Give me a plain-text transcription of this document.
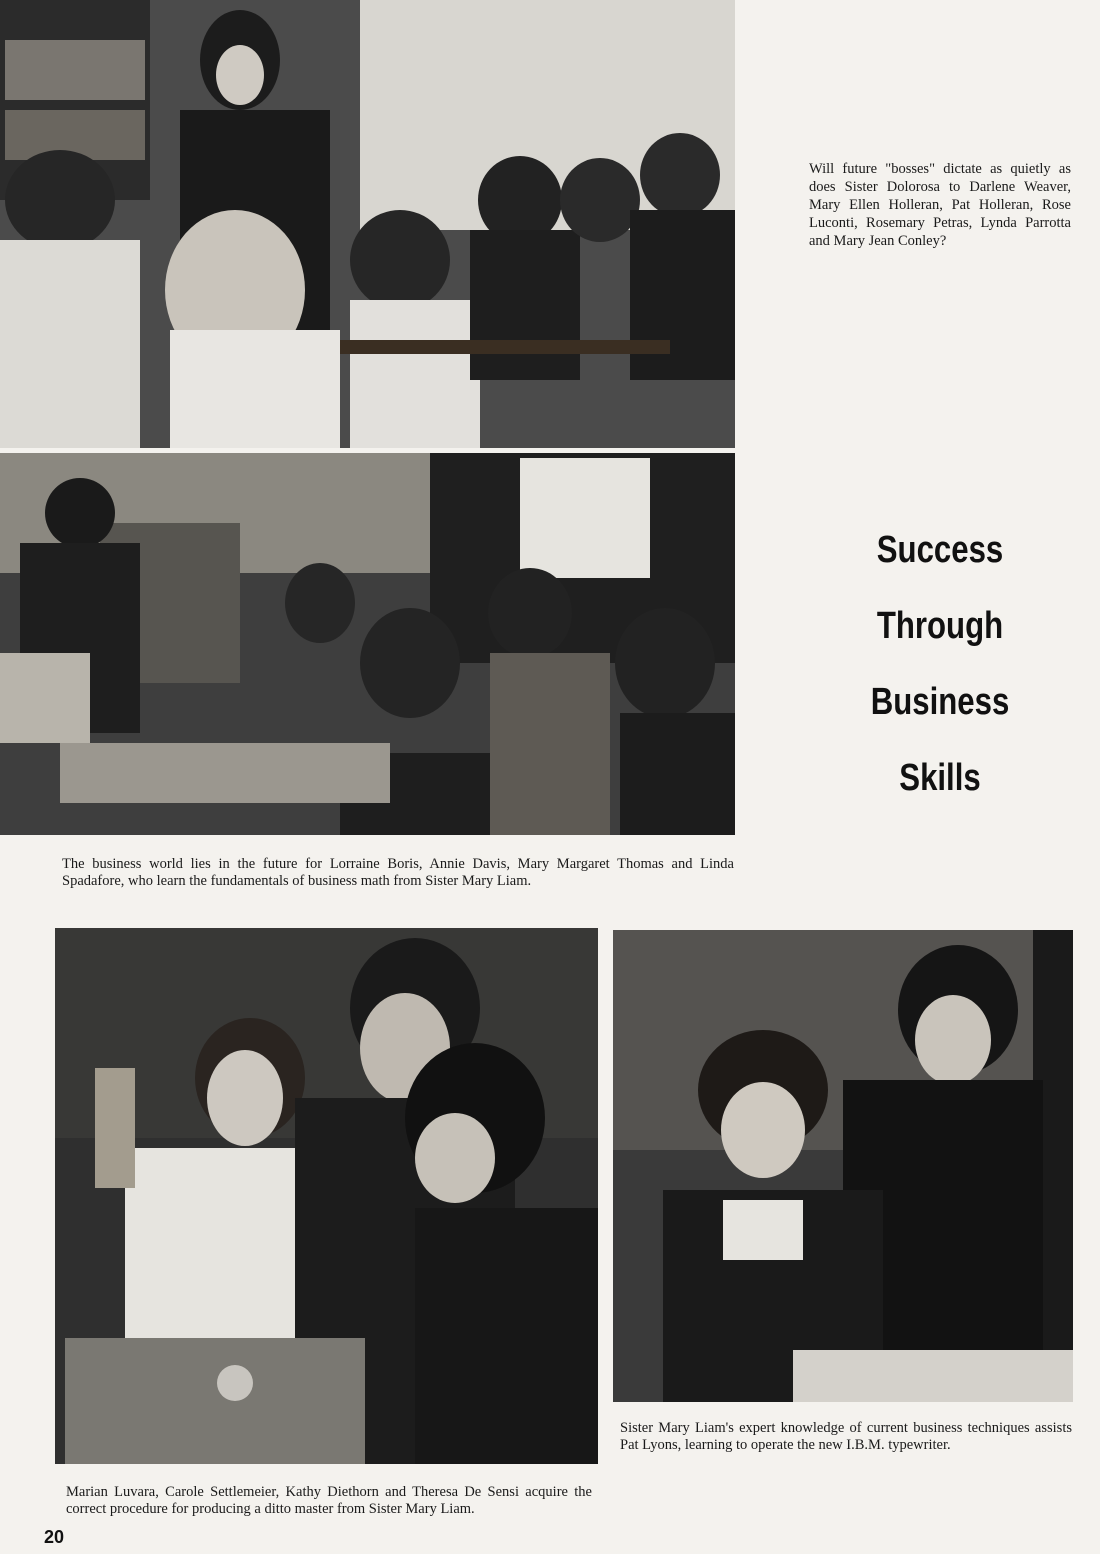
Will future "bosses" dictate as quietly as does Sister Dolorosa to Darlene Weaver, Mary Ellen Holleran, Pat Holleran, Rose Luconti, Rosemary Petras, Lynda Parrotta and Mary Jean Conley?
Success
Through
Business
Skills
The business world lies in the future for Lorraine Boris, Annie Davis, Mary Margaret Thomas and Linda Spadafore, who learn the fundamentals of business math from Sister Mary Liam.
Sister Mary Liam's expert knowledge of current business techniques assists Pat Lyons, learning to operate the new I.B.M. typewriter.
Marian Luvara, Carole Settlemeier, Kathy Diethorn and Theresa De Sensi acquire the correct procedure for producing a ditto master from Sister Mary Liam.
20
